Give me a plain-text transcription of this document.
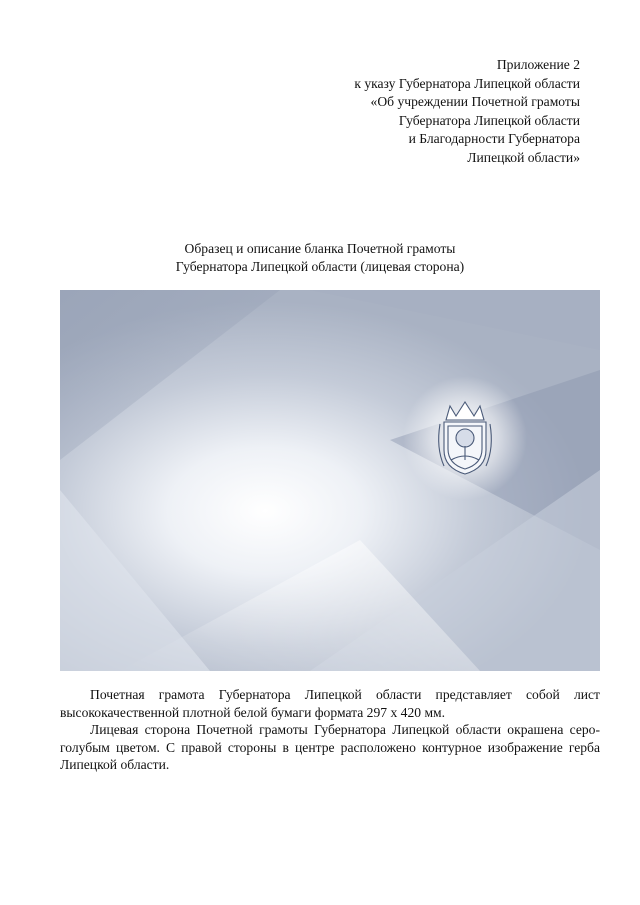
Приложение 2
к указу Губернатора Липецкой области
«Об учреждении Почетной грамоты
Губернатора Липецкой области
и Благодарности Губернатора
Липецкой области»
Образец и описание бланка Почетной грамоты
Губернатора Липецкой области (лицевая сторона)

Почетная грамота Губернатора Липецкой области представляет собой лист высококачественной плотной белой бумаги формата 297 х 420 мм.

Лицевая сторона Почетной грамоты Губернатора Липецкой области окрашена серо-голубым цветом. С правой стороны в центре расположено контурное изображение герба Липецкой области.
